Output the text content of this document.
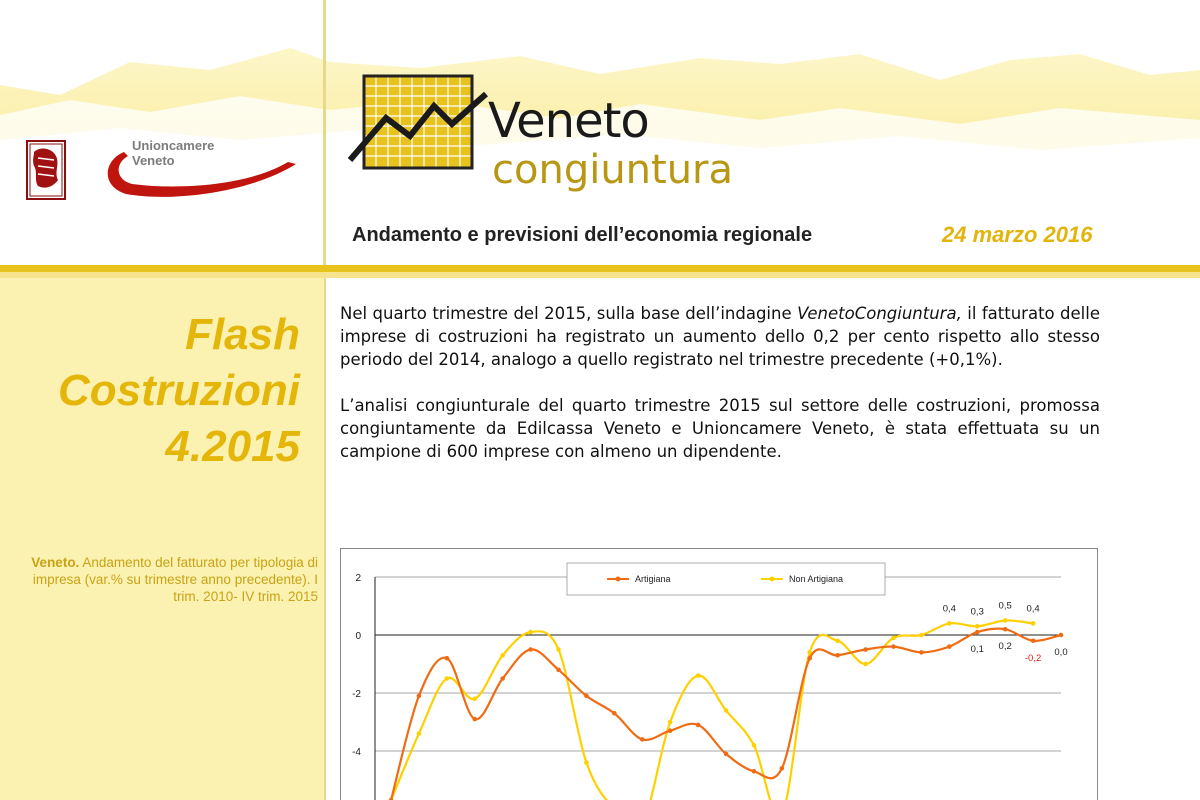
Unioncamere
Veneto
Veneto
congiuntura
Andamento e previsioni dell’economia regionale	24 marzo 2016
Flash
Costruzioni
4.2015
Veneto. Andamento del fatturato per tipologia di impresa (var.% su trimestre anno precedente). I trim. 2010- IV trim. 2015

Nel quarto trimestre del 2015, sulla base dell’indagine VenetoCongiuntura, il fatturato delle imprese di costruzioni ha registrato un aumento dello 0,2 per cento rispetto allo stesso periodo del 2014, analogo a quello registrato nel trimestre precedente (+0,1%).

L’analisi congiunturale del quarto trimestre 2015 sul settore delle costruzioni, promossa congiuntamente da Edilcassa Veneto e Unioncamere Veneto, è stata effettuata su un campione di 600 imprese con almeno un dipendente.

2
0
-2
-4
Artigiana	Non Artigiana
0,4 0,3
0,5 0,4
0,1 0,2
-0,2
0,0
